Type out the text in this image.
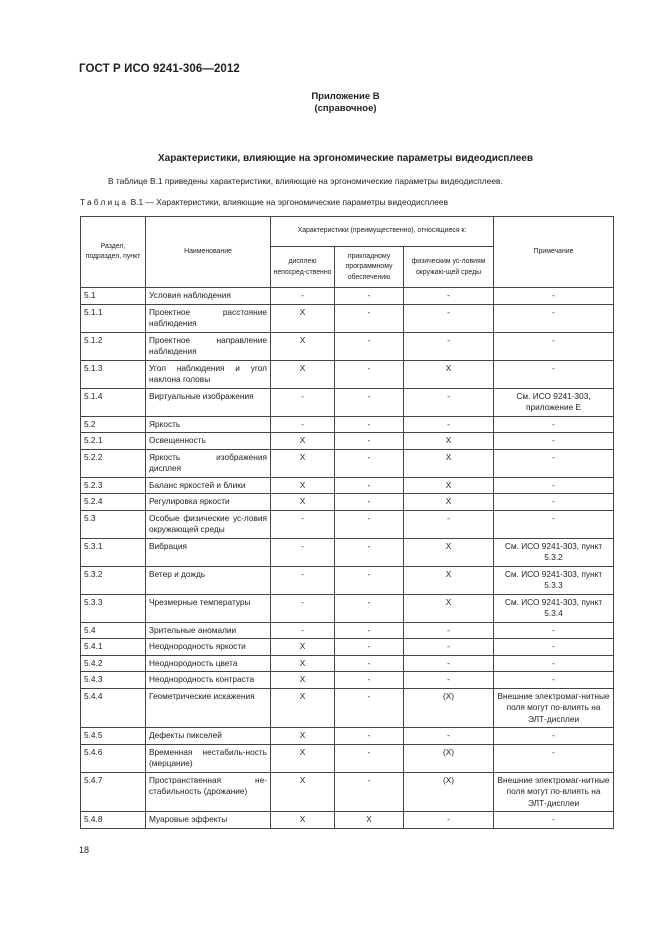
ГОСТ Р ИСО 9241-306—2012
Приложение В
(справочное)
Характеристики, влияющие на эргономические параметры видеодисплеев
В таблице В.1 приведены характеристики, влияющие на эргономические параметры видеодисплеев.
Таблица В.1 — Характеристики, влияющие на эргономические параметры видеодисплеев
Раздел, подраздел, пункт	Наименование	Характеристики (преимущественно), относящиеся к:			Примечание
		дисплею непосред-ственно	прикладному программному обеспечению	физическим ус-ловиям окружаю-щей среды	
5.1	Условия наблюдения	-	-	-	-
5.1.1	Проектное расстояние наблюдения	X	-	-	-
5.1.2	Проектное направление наблюдения	X	-	-	-
5.1.3	Угол наблюдения и угол наклона головы	X	-	X	-
5.1.4	Виртуальные изображения	-	-	-	См. ИСО 9241-303, приложение Е
5.2	Яркость	-	-	-	-
5.2.1	Освещенность	X	-	X	-
5.2.2	Яркость изображения дисплея	X	-	X	-
5.2.3	Баланс яркостей и блики	X	-	X	-
5.2.4	Регулировка яркости	X	-	X	-
5.3	Особые физические ус-ловия окружающей среды	-	-	-	-
5.3.1	Вибрация	-	-	X	См. ИСО 9241-303, пункт 5.3.2
5.3.2	Ветер и дождь	-	-	X	См. ИСО 9241-303, пункт 5.3.3
5.3.3	Чрезмерные температуры	-	-	X	См. ИСО 9241-303, пункт 5.3.4
5.4	Зрительные аномалии	-	-	-	-
5.4.1	Неоднородность яркости	X	-	-	-
5.4.2	Неоднородность цвета	X	-	-	-
5.4.3	Неоднородность контраста	X	-	-	-
5.4.4	Геометрические искажения	X	-	(X)	Внешние электромаг-нитные поля могут по-влиять на ЭЛТ-дисплеи
5.4.5	Дефекты пикселей	X	-	-	-
5.4.6	Временная нестабиль-ность (мерцание)	X	-	(X)	-
5.4.7	Пространственная не-стабильность (дрожание)	X	-	(X)	Внешние электромаг-нитные поля могут по-влиять на ЭЛТ-дисплеи
5.4.8	Муаровые эффекты	X	X	-	-
18
